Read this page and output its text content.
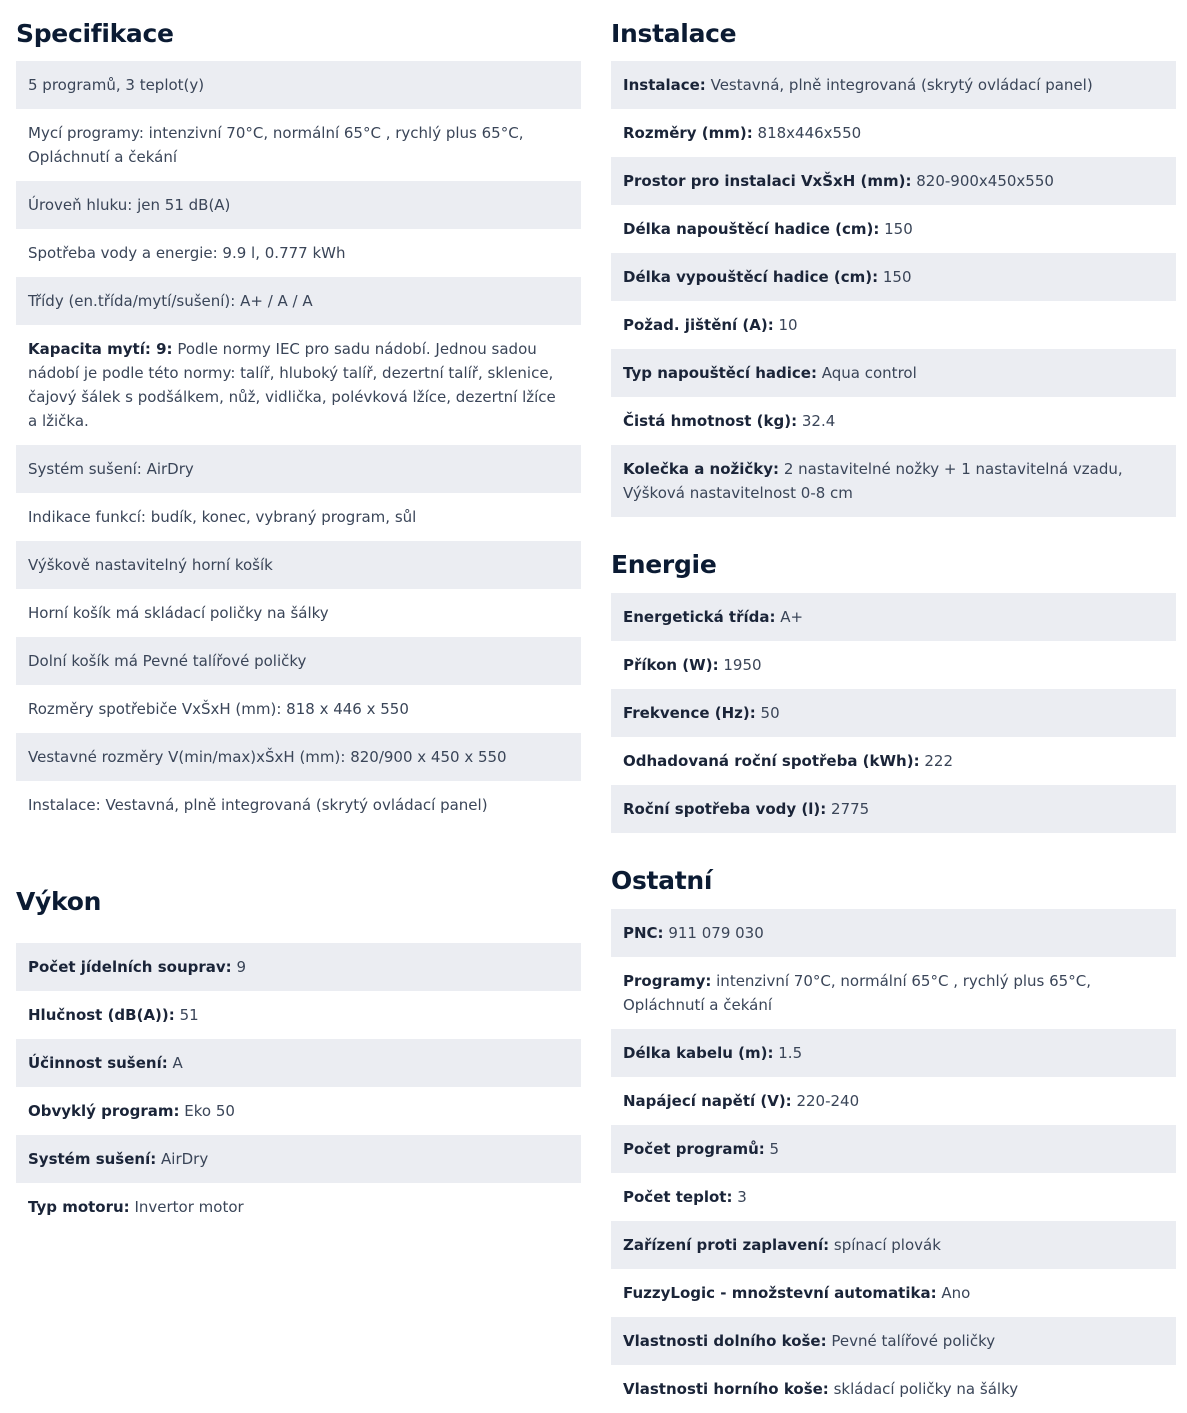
Specifikace
5 programů, 3 teplot(y)
Mycí programy: intenzivní 70°C, normální 65°C , rychlý plus 65°C, Opláchnutí a čekání
Úroveň hluku: jen 51 dB(A)
Spotřeba vody a energie: 9.9 l, 0.777 kWh
Třídy (en.třída/mytí/sušení): A+ / A / A
Kapacita mytí: 9: Podle normy IEC pro sadu nádobí. Jednou sadou nádobí je podle této normy: talíř, hluboký talíř, dezertní talíř, sklenice, čajový šálek s podšálkem, nůž, vidlička, polévková lžíce, dezertní lžíce a lžička.
Systém sušení: AirDry
Indikace funkcí: budík, konec, vybraný program, sůl
Výškově nastavitelný horní košík
Horní košík má skládací poličky na šálky
Dolní košík má Pevné talířové poličky
Rozměry spotřebiče VxŠxH (mm): 818 x 446 x 550
Vestavné rozměry V(min/max)xŠxH (mm): 820/900 x 450 x 550
Instalace: Vestavná, plně integrovaná (skrytý ovládací panel)
Výkon
Počet jídelních souprav: 9
Hlučnost (dB(A)): 51
Účinnost sušení: A
Obvyklý program: Eko 50
Systém sušení: AirDry
Typ motoru: Invertor motor
Instalace
Instalace: Vestavná, plně integrovaná (skrytý ovládací panel)
Rozměry (mm): 818x446x550
Prostor pro instalaci VxŠxH (mm): 820-900x450x550
Délka napouštěcí hadice (cm): 150
Délka vypouštěcí hadice (cm): 150
Požad. jištění (A): 10
Typ napouštěcí hadice: Aqua control
Čistá hmotnost (kg): 32.4
Kolečka a nožičky: 2 nastavitelné nožky + 1 nastavitelná vzadu, Výšková nastavitelnost 0-8 cm
Energie
Energetická třída: A+
Příkon (W): 1950
Frekvence (Hz): 50
Odhadovaná roční spotřeba (kWh): 222
Roční spotřeba vody (l): 2775
Ostatní
PNC: 911 079 030
Programy: intenzivní 70°C, normální 65°C , rychlý plus 65°C, Opláchnutí a čekání
Délka kabelu (m): 1.5
Napájecí napětí (V): 220-240
Počet programů: 5
Počet teplot: 3
Zařízení proti zaplavení: spínací plovák
FuzzyLogic - množstevní automatika: Ano
Vlastnosti dolního koše: Pevné talířové poličky
Vlastnosti horního koše: skládací poličky na šálky
